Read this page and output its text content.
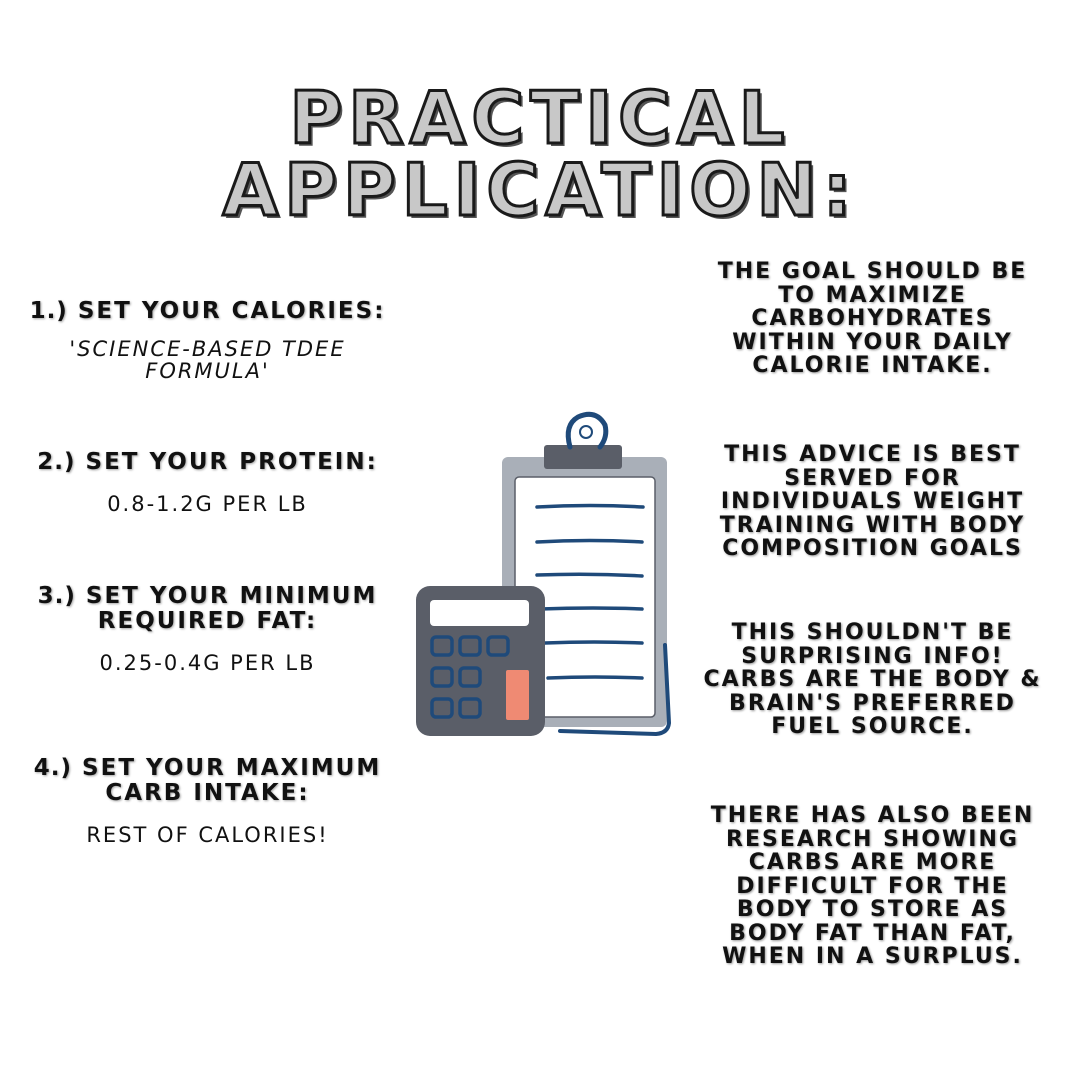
PRACTICAL
APPLICATION:
1.) SET YOUR CALORIES:
'SCIENCE-BASED TDEE FORMULA'
2.) SET YOUR PROTEIN:
0.8-1.2G PER LB
3.) SET YOUR MINIMUM REQUIRED FAT:
0.25-0.4G PER LB
4.) SET YOUR MAXIMUM CARB INTAKE:
REST OF CALORIES!
THE GOAL SHOULD BE TO MAXIMIZE CARBOHYDRATES WITHIN YOUR DAILY CALORIE INTAKE.
THIS ADVICE IS BEST SERVED FOR INDIVIDUALS WEIGHT TRAINING WITH BODY COMPOSITION GOALS
THIS SHOULDN'T BE SURPRISING INFO! CARBS ARE THE BODY & BRAIN'S PREFERRED FUEL SOURCE.
THERE HAS ALSO BEEN RESEARCH SHOWING CARBS ARE MORE DIFFICULT FOR THE BODY TO STORE AS BODY FAT THAN FAT, WHEN IN A SURPLUS.
